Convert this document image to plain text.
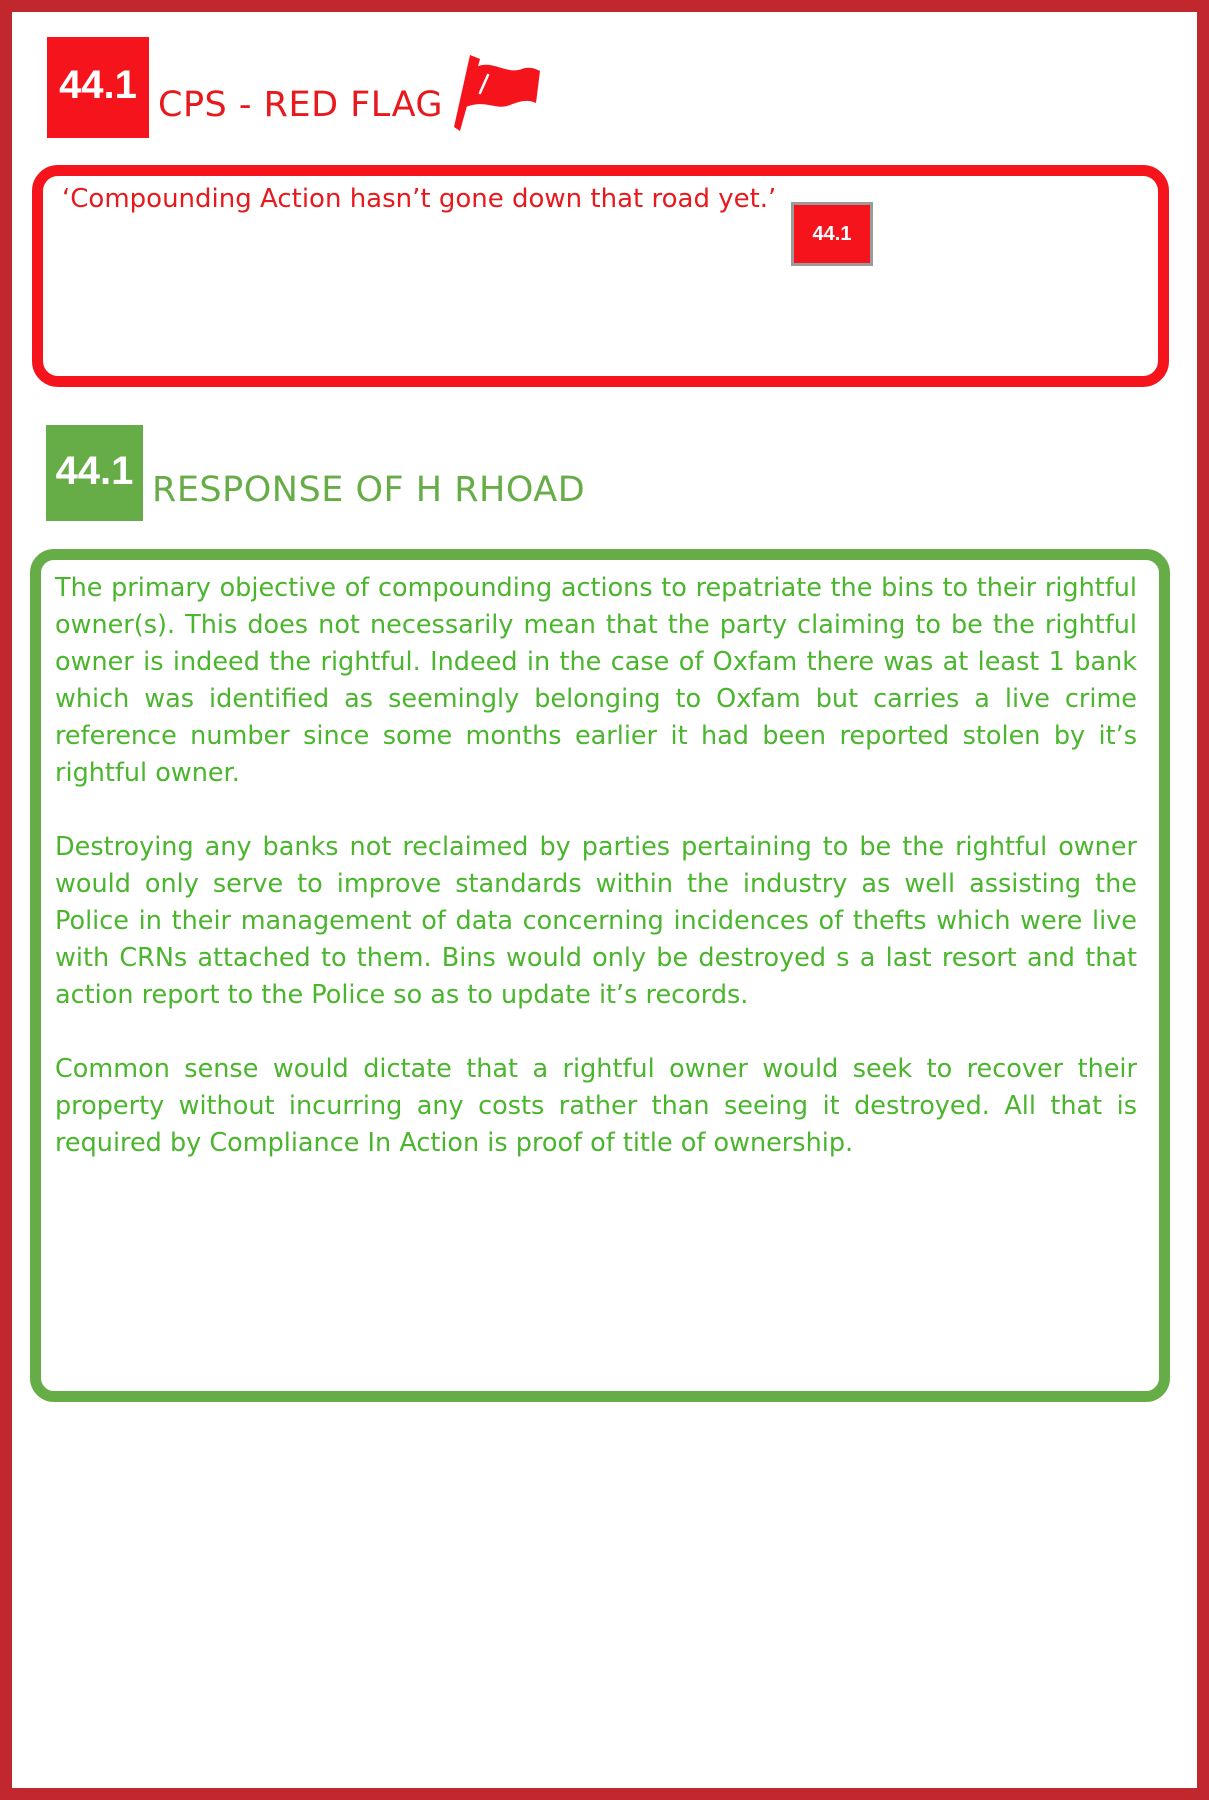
44.1 CPS - RED FLAG
‘Compounding Action hasn’t gone down that road yet.’
44.1
44.1 RESPONSE OF H RHOAD

The primary objective of compounding actions to repatriate the bins to their rightful owner(s). This does not necessarily mean that the party claiming to be the rightful owner is indeed the rightful. Indeed in the case of Oxfam there was at least 1 bank which was identified as seemingly belonging to Oxfam but carries a live crime reference number since some months earlier it had been reported stolen by it’s rightful owner.

Destroying any banks not reclaimed by parties pertaining to be the rightful owner would only serve to improve standards within the industry as well assisting the Police in their management of data concerning incidences of thefts which were live with CRNs attached to them. Bins would only be destroyed s a last resort and that action report to the Police so as to update it’s records.

Common sense would dictate that a rightful owner would seek to recover their property without incurring any costs rather than seeing it destroyed. All that is required by Compliance In Action is proof of title of ownership.
